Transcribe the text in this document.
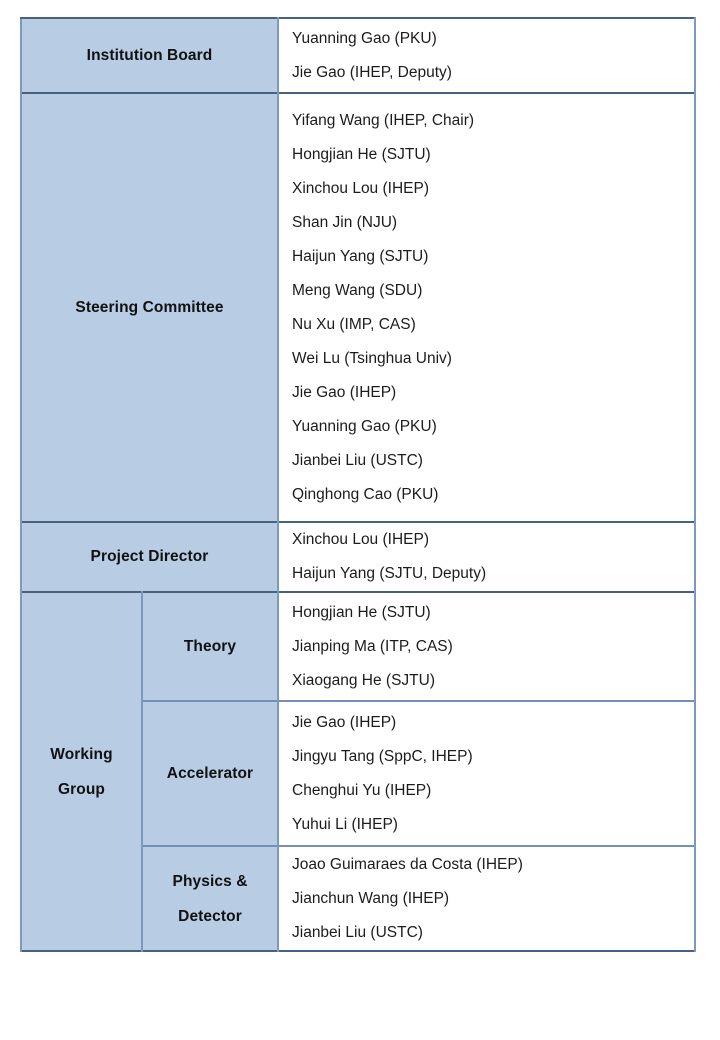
Institution Board		Yuanning Gao (PKU)
Jie Gao (IHEP, Deputy)

Steering Committee	
Yifang Wang (IHEP, Chair)
Hongjian He (SJTU)
Xinchou Lou (IHEP)
Shan Jin (NJU)
Haijun Yang (SJTU)
Meng Wang (SDU)
Nu Xu (IMP, CAS)
Wei Lu (Tsinghua Univ)
Jie Gao (IHEP)
Yuanning Gao (PKU)
Jianbei Liu (USTC)
Qinghong Cao (PKU)

Project Director		Xinchou Lou (IHEP)
Haijun Yang (SJTU, Deputy)

Working Group	Theory	Hongjian He (SJTU)
Jianping Ma (ITP, CAS)
Xiaogang He (SJTU)

	Accelerator	Jie Gao (IHEP)
Jingyu Tang (SppC, IHEP)
Chenghui Yu (IHEP)
Yuhui Li (IHEP)

	Physics & Detector	Joao Guimaraes da Costa (IHEP)
Jianchun Wang (IHEP)
Jianbei Liu (USTC)
